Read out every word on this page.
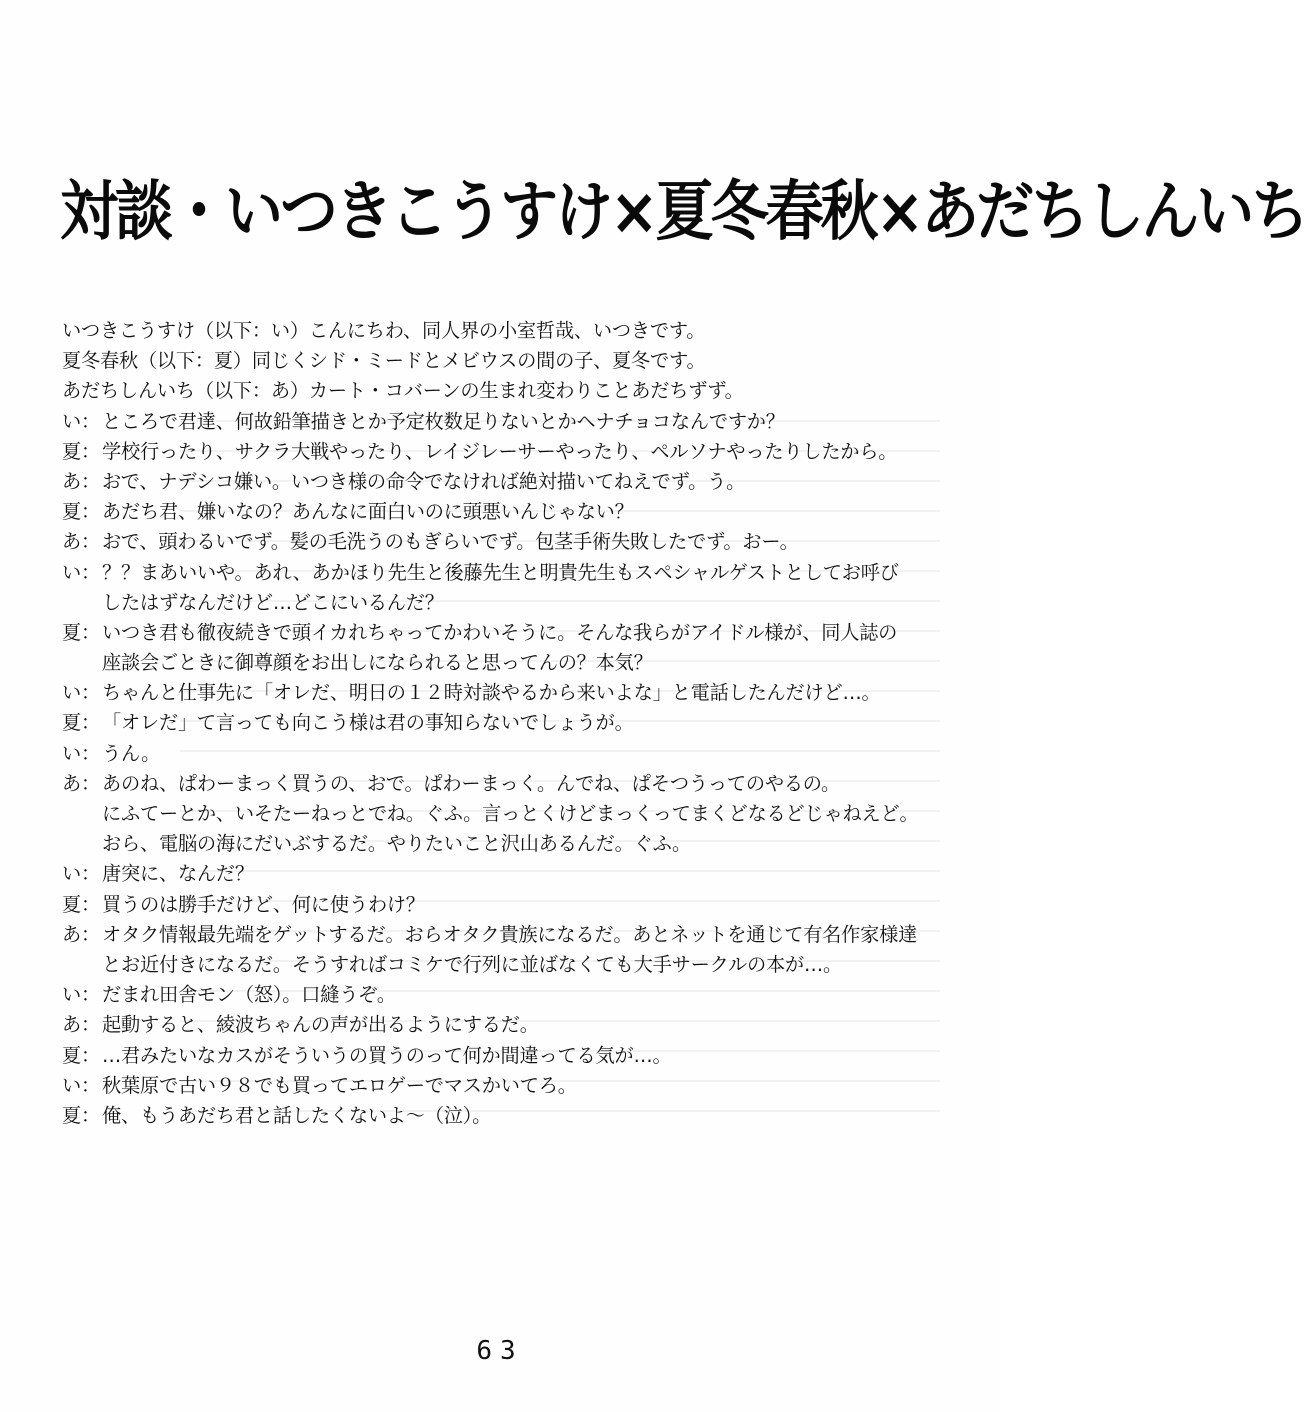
対談・いつきこうすけ×夏冬春秋×あだちしんいち
いつきこうすけ（以下：い）こんにちわ、同人界の小室哲哉、いつきです。
夏冬春秋（以下：夏）同じくシド・ミードとメビウスの間の子、夏冬です。
あだちしんいち（以下：あ）カート・コバーンの生まれ変わりことあだちずず。
い： ところで君達、何故鉛筆描きとか予定枚数足りないとかヘナチョコなんですか？
夏： 学校行ったり、サクラ大戦やったり、レイジレーサーやったり、ペルソナやったりしたから。
あ： おで、ナデシコ嫌い。いつき様の命令でなければ絶対描いてねえでず。う。
夏： あだち君、嫌いなの？あんなに面白いのに頭悪いんじゃない？
あ： おで、頭わるいでず。髪の毛洗うのもぎらいでず。包茎手術失敗したでず。おー。
い： ？？まあいいや。あれ、あかほり先生と後藤先生と明貴先生もスペシャルゲストとしてお呼び
したはずなんだけど…どこにいるんだ？
夏： いつき君も徹夜続きで頭イカれちゃってかわいそうに。そんな我らがアイドル様が、同人誌の
座談会ごときに御尊顔をお出しになられると思ってんの？本気？
い： ちゃんと仕事先に「オレだ、明日の１２時対談やるから来いよな」と電話したんだけど…。
夏： 「オレだ」て言っても向こう様は君の事知らないでしょうが。
い： うん。
あ： あのね、ぱわーまっく買うの、おで。ぱわーまっく。んでね、ぱそつうってのやるの。
にふてーとか、いそたーねっとでね。ぐふ。言っとくけどまっくってまくどなるどじゃねえど。
おら、電脳の海にだいぶするだ。やりたいこと沢山あるんだ。ぐふ。
い： 唐突に、なんだ？
夏： 買うのは勝手だけど、何に使うわけ？
あ： オタク情報最先端をゲットするだ。おらオタク貴族になるだ。あとネットを通じて有名作家様達
とお近付きになるだ。そうすればコミケで行列に並ばなくても大手サークルの本が…。
い： だまれ田舎モン（怒）。口縫うぞ。
あ： 起動すると、綾波ちゃんの声が出るようにするだ。
夏： …君みたいなカスがそういうの買うのって何か間違ってる気が…。
い： 秋葉原で古い９８でも買ってエロゲーでマスかいてろ。
夏： 俺、もうあだち君と話したくないよ〜（泣）。
63
